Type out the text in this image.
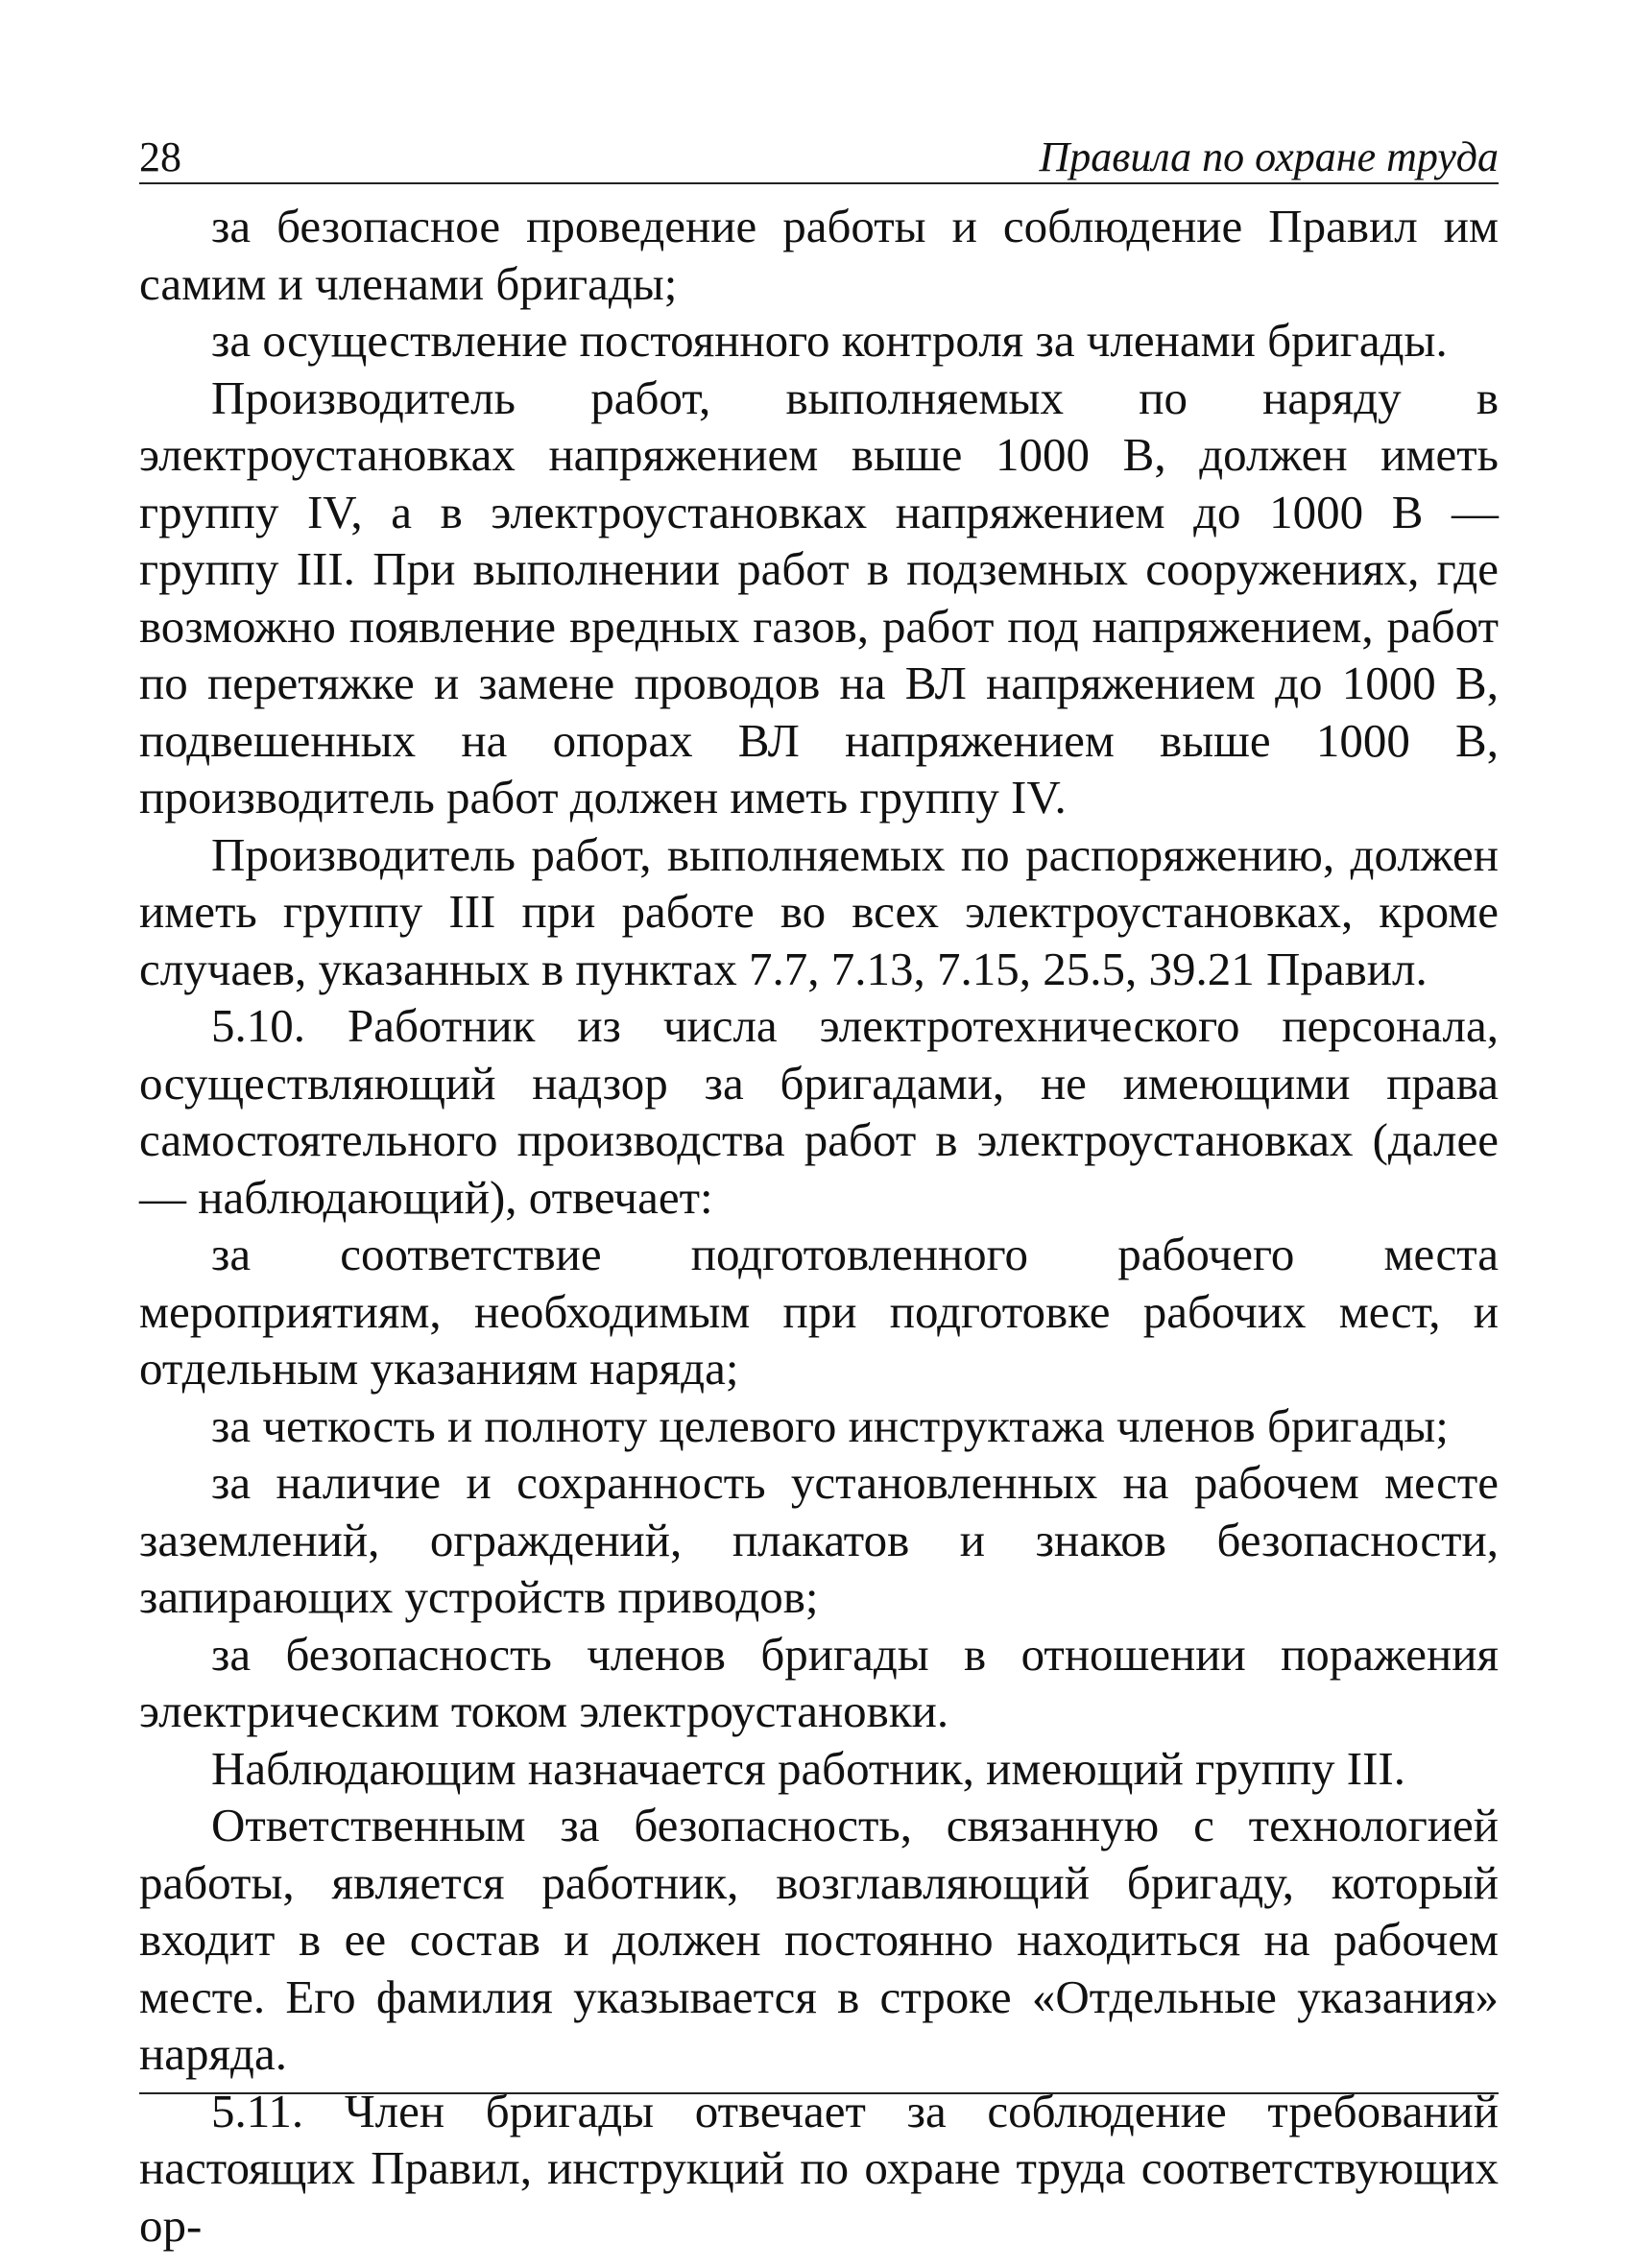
28	Правила по охране труда

за безопасное проведение работы и соблюдение Правил им самим и членами бригады;

за осуществление постоянного контроля за членами бригады.

Производитель работ, выполняемых по наряду в электроустановках напряжением выше 1000 В, должен иметь группу IV, а в электроустановках напряжением до 1000 В — группу III. При выполнении работ в подземных сооружениях, где возможно появление вредных газов, работ под напряжением, работ по перетяжке и замене проводов на ВЛ напряжением до 1000 В, подвешенных на опорах ВЛ напряжением выше 1000 В, производитель работ должен иметь группу IV.

Производитель работ, выполняемых по распоряжению, должен иметь группу III при работе во всех электроустановках, кроме случаев, указанных в пунктах 7.7, 7.13, 7.15, 25.5, 39.21 Правил.

5.10. Работник из числа электротехнического персонала, осуществляющий надзор за бригадами, не имеющими права самостоятельного производства работ в электроустановках (далее — наблюдающий), отвечает:

за соответствие подготовленного рабочего места мероприятиям, необходимым при подготовке рабочих мест, и отдельным указаниям наряда;

за четкость и полноту целевого инструктажа членов бригады;

за наличие и сохранность установленных на рабочем месте заземлений, ограждений, плакатов и знаков безопасности, запирающих устройств приводов;

за безопасность членов бригады в отношении поражения электрическим током электроустановки.

Наблюдающим назначается работник, имеющий группу III.

Ответственным за безопасность, связанную с технологией работы, является работник, возглавляющий бригаду, который входит в ее состав и должен постоянно находиться на рабочем месте. Его фамилия указывается в строке «Отдельные указания» наряда.

5.11. Член бригады отвечает за соблюдение требований настоящих Правил, инструкций по охране труда соответствующих ор-
